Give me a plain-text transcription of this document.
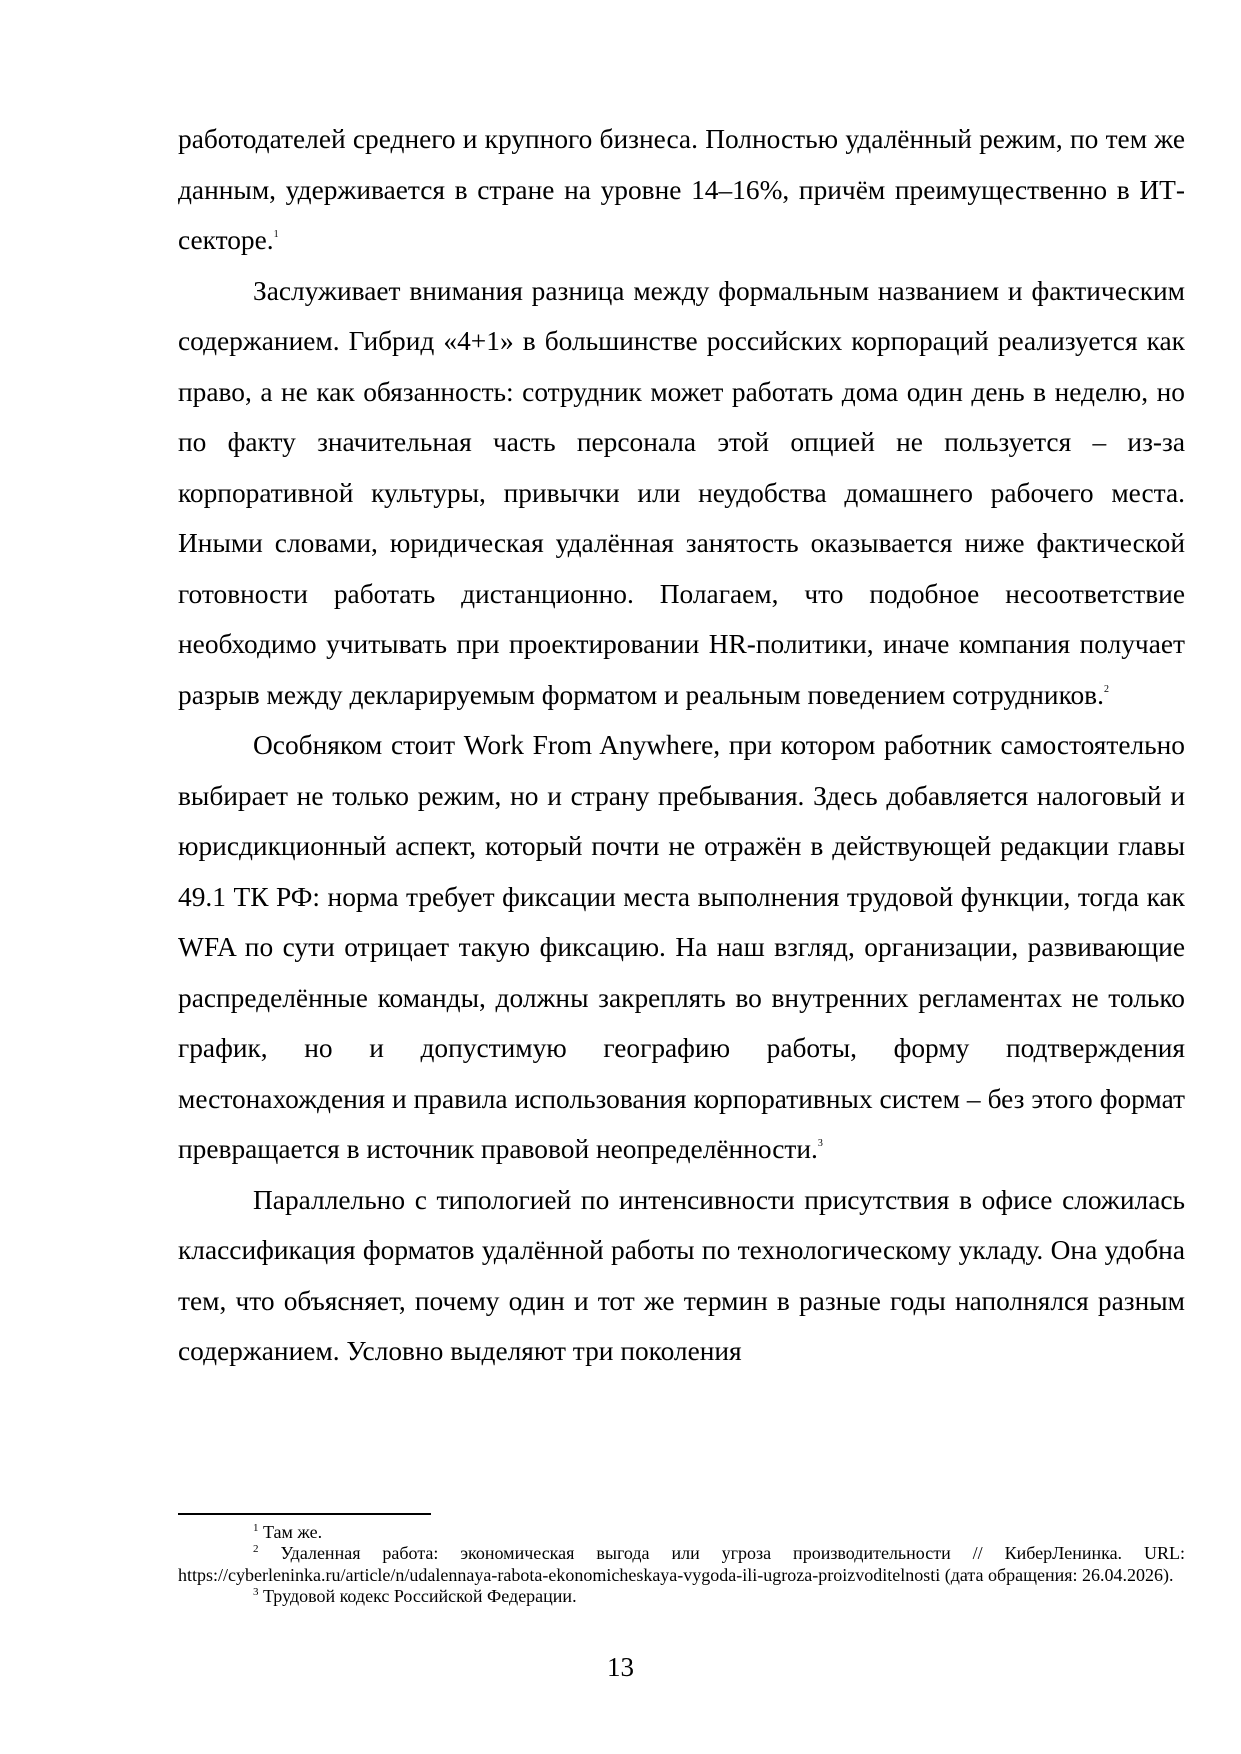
работодателей среднего и крупного бизнеса. Полностью удалённый режим, по тем же данным, удерживается в стране на уровне 14–16%, причём преимущественно в ИТ-секторе.$^1$

Заслуживает внимания разница между формальным названием и фактическим содержанием. Гибрид «4+1» в большинстве российских корпораций реализуется как право, а не как обязанность: сотрудник может работать дома один день в неделю, но по факту значительная часть персонала этой опцией не пользуется – из-за корпоративной культуры, привычки или неудобства домашнего рабочего места. Иными словами, юридическая удалённая занятость оказывается ниже фактической готовности работать дистанционно. Полагаем, что подобное несоответствие необходимо учитывать при проектировании HR-политики, иначе компания получает разрыв между декларируемым форматом и реальным поведением сотрудников.$^2$

Особняком стоит Work From Anywhere, при котором работник самостоятельно выбирает не только режим, но и страну пребывания. Здесь добавляется налоговый и юрисдикционный аспект, который почти не отражён в действующей редакции главы 49.1 ТК РФ: норма требует фиксации места выполнения трудовой функции, тогда как WFA по сути отрицает такую фиксацию. На наш взгляд, организации, развивающие распределённые команды, должны закреплять во внутренних регламентах не только график, но и допустимую географию работы, форму подтверждения местонахождения и правила использования корпоративных систем – без этого формат превращается в источник правовой неопределённости.$^3$

Параллельно с типологией по интенсивности присутствия в офисе сложилась классификация форматов удалённой работы по технологическому укладу. Она удобна тем, что объясняет, почему один и тот же термин в разные годы наполнялся разным содержанием. Условно выделяют три поколения

$^1$ Там же.

$^2$ Удаленная работа: экономическая выгода или угроза производительности // КиберЛенинка. URL: https://cyberleninka.ru/article/n/udalennaya-rabota-ekonomicheskaya-vygoda-ili-ugroza-proizvoditelnosti (дата обращения: 26.04.2026).

$^3$ Трудовой кодекс Российской Федерации.

13
